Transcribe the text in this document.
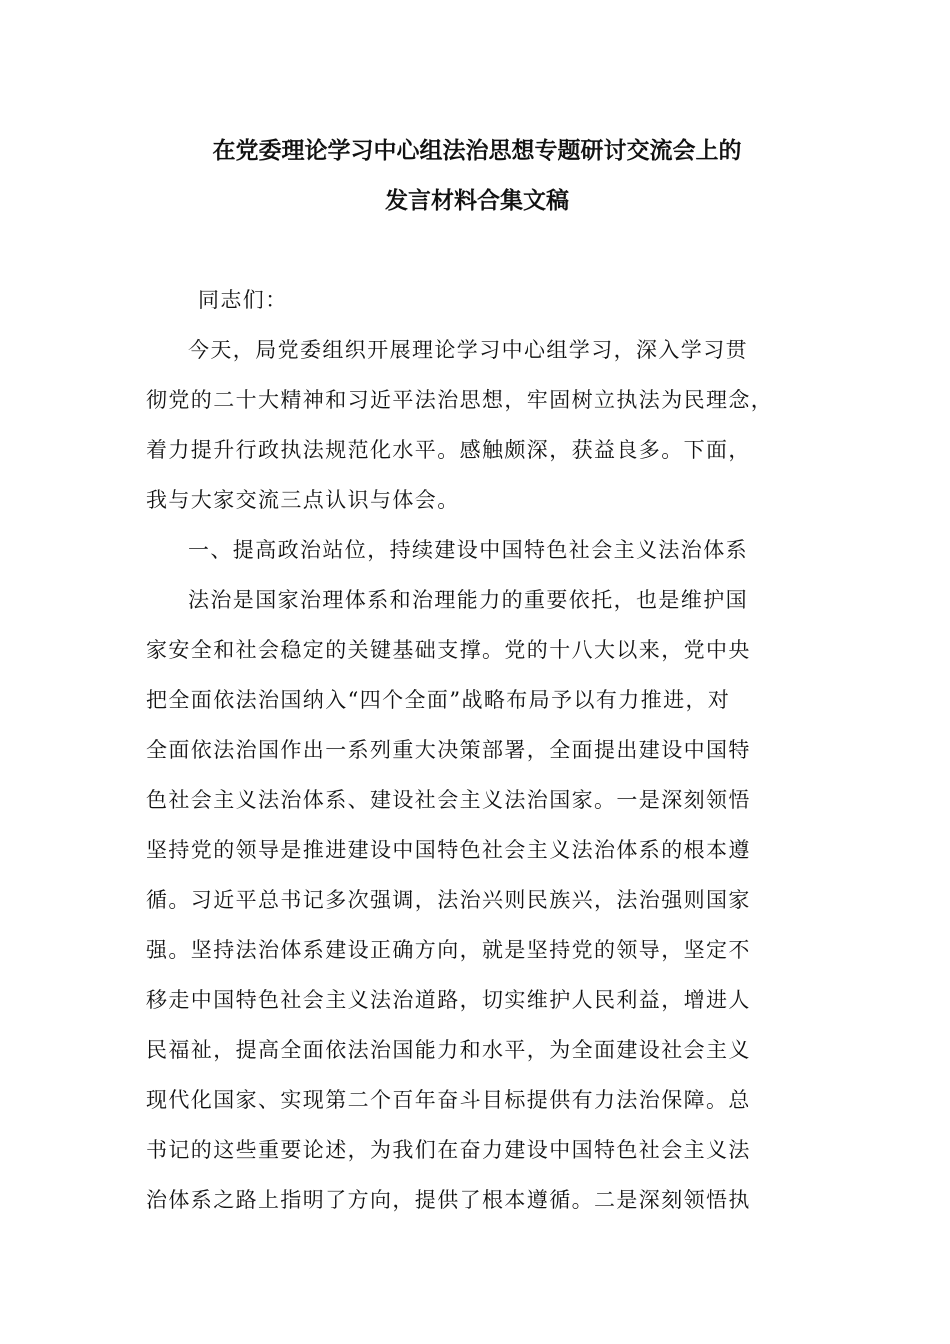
在党委理论学习中心组法治思想专题研讨交流会上的
发言材料合集文稿
同志们：
今天，局党委组织开展理论学习中心组学习，深入学习贯
彻党的二十大精神和习近平法治思想，牢固树立执法为民理念，
着力提升行政执法规范化水平。感触颇深，获益良多。下面，
我与大家交流三点认识与体会。
一、提高政治站位，持续建设中国特色社会主义法治体系
法治是国家治理体系和治理能力的重要依托，也是维护国
家安全和社会稳定的关键基础支撑。党的十八大以来，党中央
把全面依法治国纳入“四个全面”战略布局予以有力推进，对
全面依法治国作出一系列重大决策部署，全面提出建设中国特
色社会主义法治体系、建设社会主义法治国家。一是深刻领悟
坚持党的领导是推进建设中国特色社会主义法治体系的根本遵
循。习近平总书记多次强调，法治兴则民族兴，法治强则国家
强。坚持法治体系建设正确方向，就是坚持党的领导，坚定不
移走中国特色社会主义法治道路，切实维护人民利益，增进人
民福祉，提高全面依法治国能力和水平，为全面建设社会主义
现代化国家、实现第二个百年奋斗目标提供有力法治保障。总
书记的这些重要论述，为我们在奋力建设中国特色社会主义法
治体系之路上指明了方向，提供了根本遵循。二是深刻领悟执
